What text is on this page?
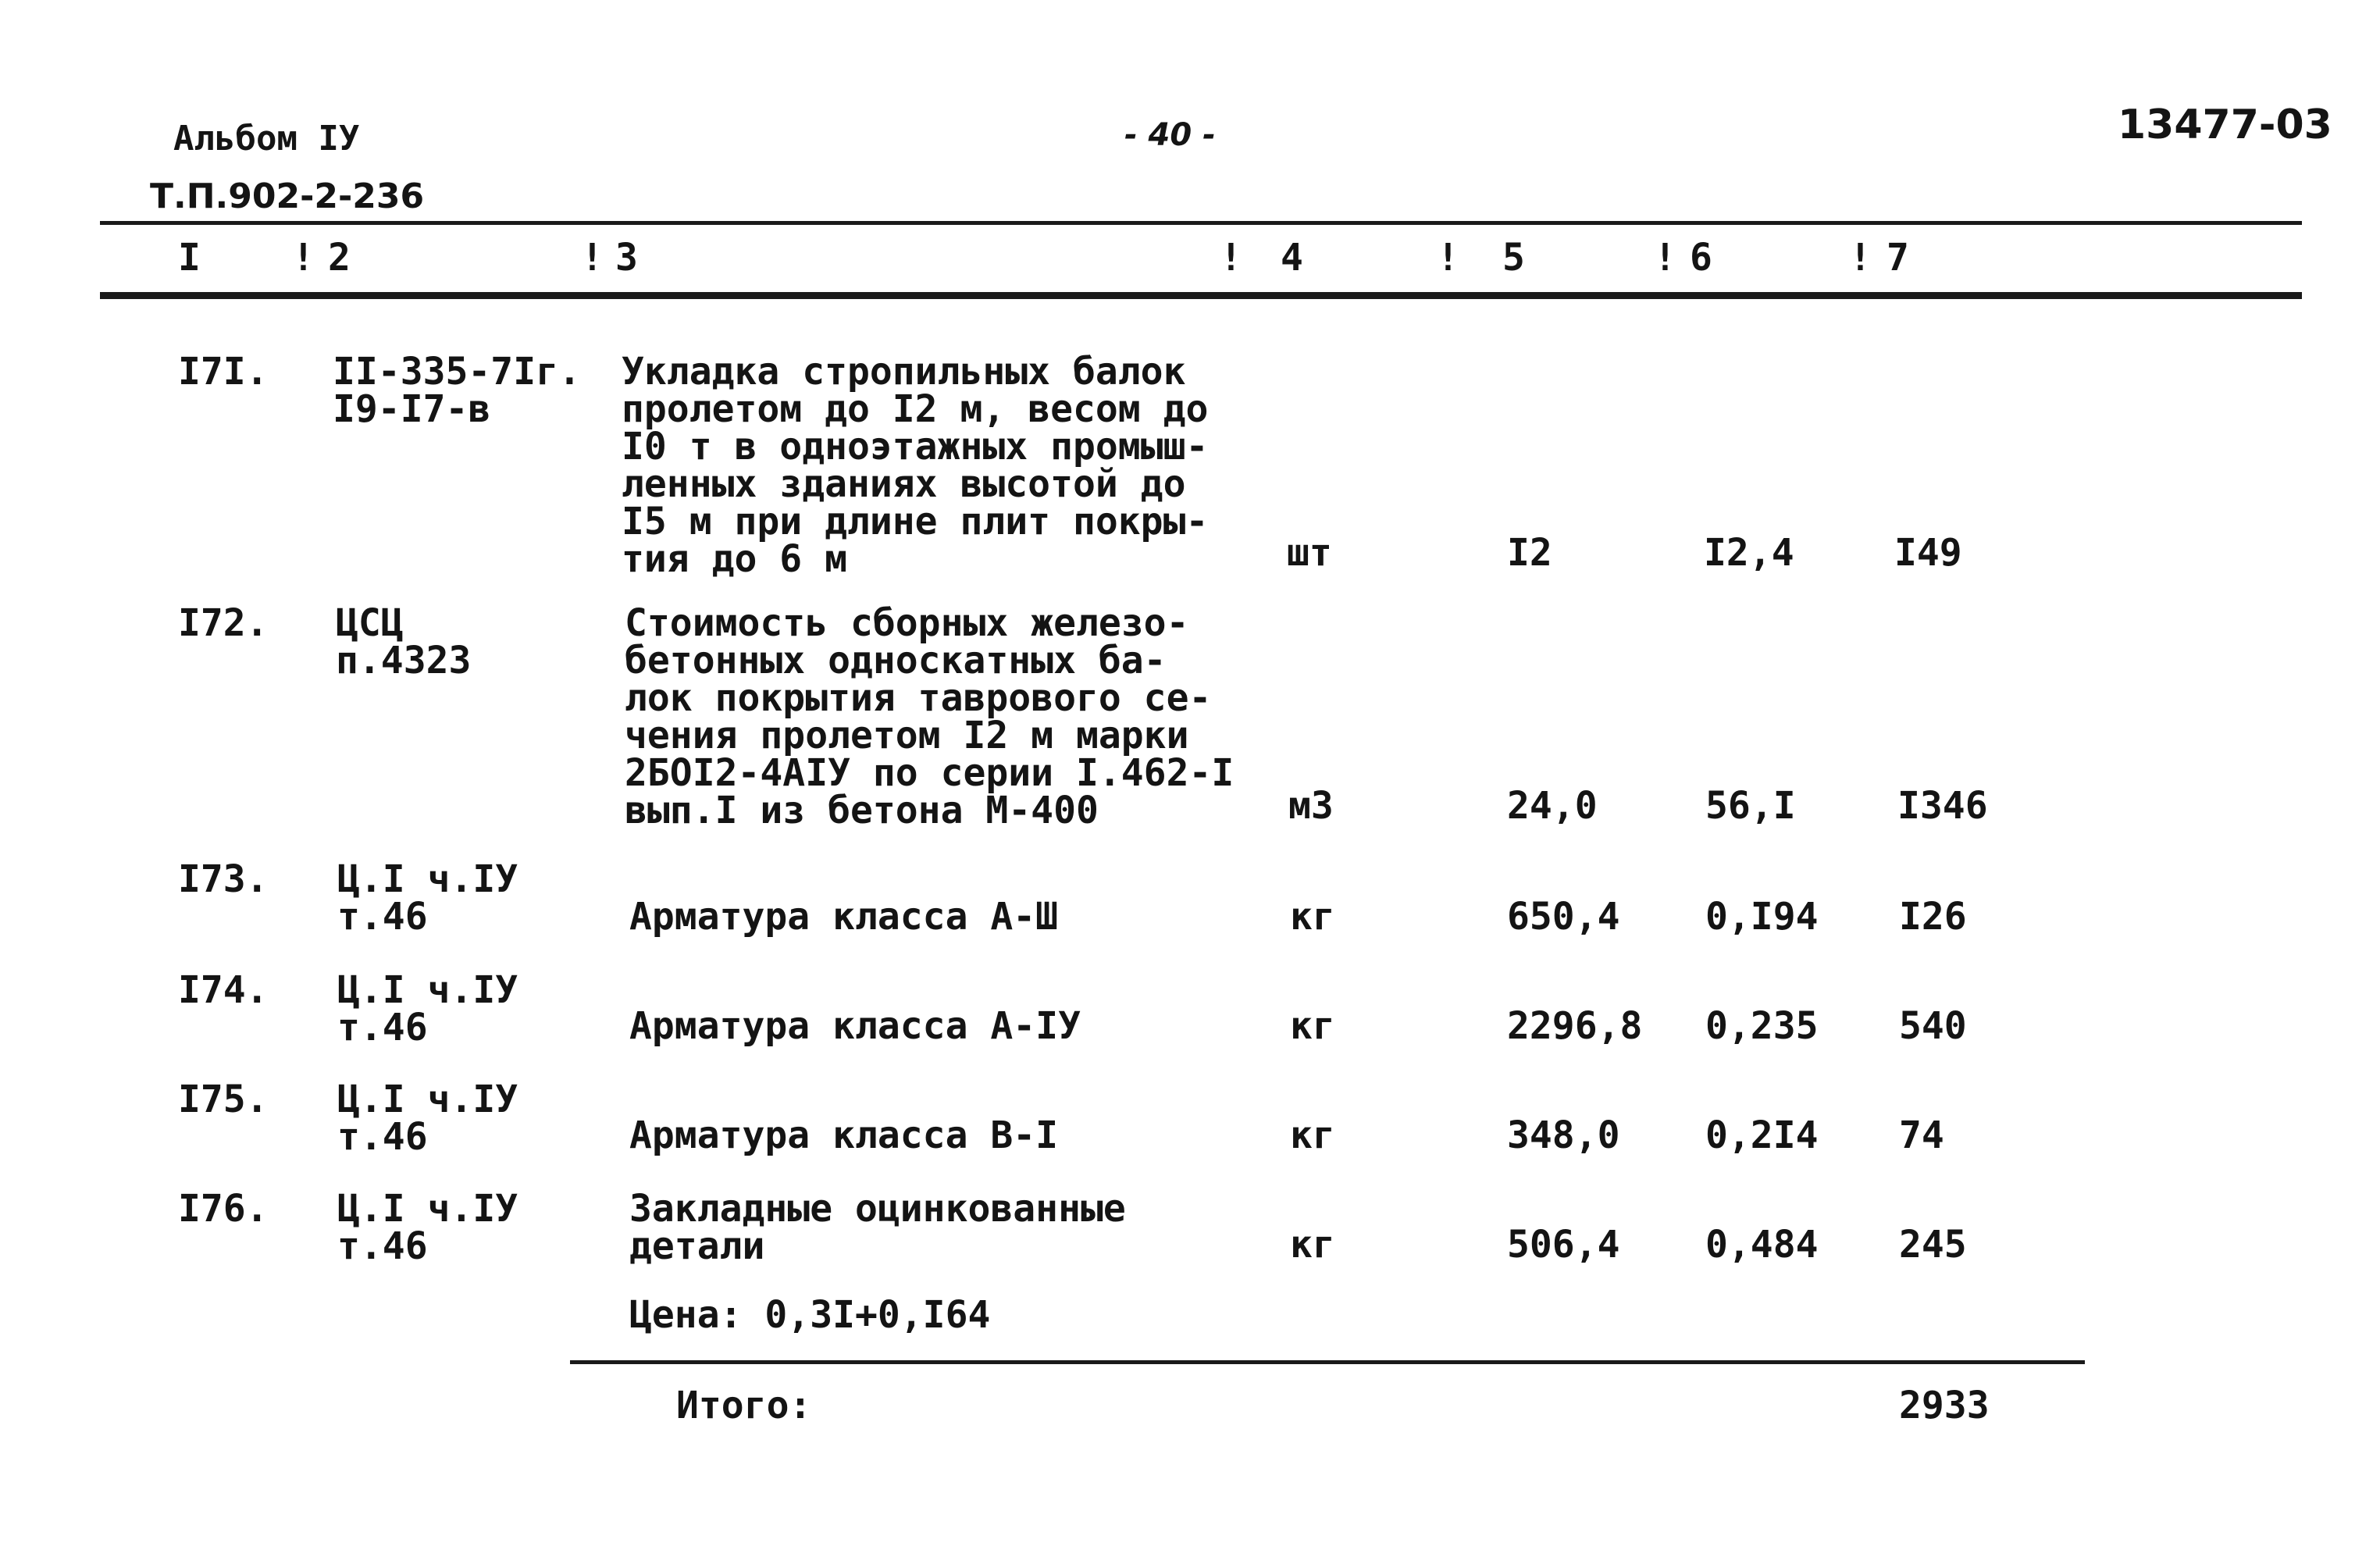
Альбом IУ	- 40 -	13477-03
Т.П.902-2-236
I ! 2	! 3	! 4	! 5	! 6	! 7
I7I. II-335-7Iг.
I9-I7-в
Укладка стропильных балок
пролетом до I2 м, весом до
I0 т в одноэтажных промыш-
ленных зданиях высотой до
I5 м при длине плит покры-
тия до 6 м	шт	I2	I2,4	I49
I72. ЦСЦ
п.4323
Стоимость сборных железо-
бетонных односкатных ба-
лок покрытия таврового се-
чения пролетом I2 м марки
2БОI2-4АIУ по серии I.462-I
вып.I из бетона М-400	м3	24,0	56,I	I346
I73. Ц.I ч.IУ
т.46	Арматура класса А-Ш	кг	650,4 0,I94 I26
I74. Ц.I ч.IУ
т.46	Арматура класса А-IУ	кг	2296,8 0,235 540
I75. Ц.I ч.IУ
т.46	Арматура класса В-I	кг	348,0 0,2I4 74
I76. Ц.I ч.IУ
т.46
Закладные оцинкованные
детали	кг	506,4 0,484 245
Цена: 0,3I+0,I64
Итого:	2933
